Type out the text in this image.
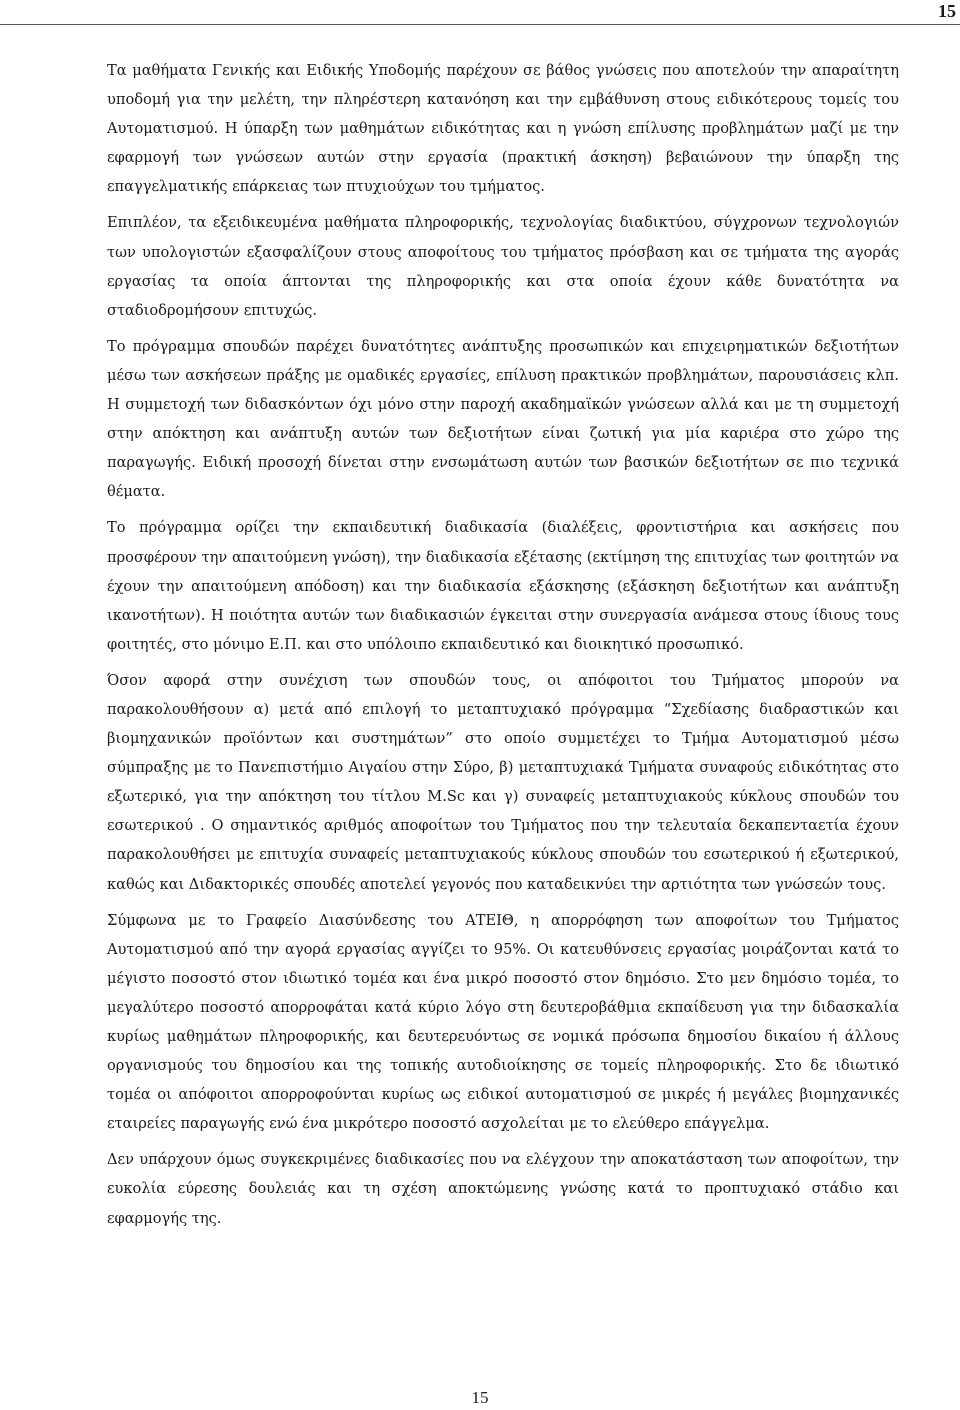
15

Τα μαθήματα Γενικής και Ειδικής Υποδομής παρέχουν σε βάθος γνώσεις που αποτελούν την απαραίτητη υποδομή για την μελέτη, την πληρέστερη κατανόηση και την εμβάθυνση στους ειδικότερους τομείς του Αυτοματισμού. Η ύπαρξη των μαθημάτων ειδικότητας και η γνώση επίλυσης προβλημάτων μαζί με την εφαρμογή των γνώσεων αυτών στην εργασία (πρακτική άσκηση) βεβαιώνουν την ύπαρξη της επαγγελματικής επάρκειας των πτυχιούχων του τμήματος.

Επιπλέον, τα εξειδικευμένα μαθήματα πληροφορικής, τεχνολογίας διαδικτύου, σύγχρονων τεχνολογιών των υπολογιστών εξασφαλίζουν στους αποφοίτους του τμήματος πρόσβαση και σε τμήματα της αγοράς εργασίας τα οποία άπτονται της πληροφορικής και στα οποία έχουν κάθε δυνατότητα να σταδιοδρομήσουν επιτυχώς.

Το πρόγραμμα σπουδών παρέχει δυνατότητες ανάπτυξης προσωπικών και επιχειρηματικών δεξιοτήτων μέσω των ασκήσεων πράξης με ομαδικές εργασίες, επίλυση πρακτικών προβλημάτων, παρουσιάσεις κλπ. Η συμμετοχή των διδασκόντων όχι μόνο στην παροχή ακαδημαϊκών γνώσεων αλλά και με τη συμμετοχή στην απόκτηση και ανάπτυξη αυτών των δεξιοτήτων είναι ζωτική για μία καριέρα στο χώρο της παραγωγής. Ειδική προσοχή δίνεται στην ενσωμάτωση αυτών των βασικών δεξιοτήτων σε πιο τεχνικά θέματα.

Το πρόγραμμα ορίζει την εκπαιδευτική διαδικασία (διαλέξεις, φροντιστήρια και ασκήσεις που προσφέρουν την απαιτούμενη γνώση), την διαδικασία εξέτασης (εκτίμηση της επιτυχίας των φοιτητών να έχουν την απαιτούμενη απόδοση) και την διαδικασία εξάσκησης (εξάσκηση δεξιοτήτων και ανάπτυξη ικανοτήτων). Η ποιότητα αυτών των διαδικασιών έγκειται στην συνεργασία ανάμεσα στους ίδιους τους φοιτητές, στο μόνιμο Ε.Π. και στο υπόλοιπο εκπαιδευτικό και διοικητικό προσωπικό.

Όσον αφορά στην συνέχιση των σπουδών τους, οι απόφοιτοι του Τμήματος μπορούν να παρακολουθήσουν α) μετά από επιλογή το μεταπτυχιακό πρόγραμμα “Σχεδίασης διαδραστικών και βιομηχανικών προϊόντων και συστημάτων” στο οποίο συμμετέχει το Τμήμα Αυτοματισμού μέσω σύμπραξης με το Πανεπιστήμιο Αιγαίου στην Σύρο, β) μεταπτυχιακά Τμήματα συναφούς ειδικότητας στο εξωτερικό, για την απόκτηση του τίτλου M.Sc και γ) συναφείς μεταπτυχιακούς κύκλους σπουδών του εσωτερικού . Ο σημαντικός αριθμός αποφοίτων του Τμήματος που την τελευταία δεκαπενταετία έχουν παρακολουθήσει με επιτυχία συναφείς μεταπτυχιακούς κύκλους σπουδών του εσωτερικού ή εξωτερικού, καθώς και Διδακτορικές σπουδές αποτελεί γεγονός που καταδεικνύει την αρτιότητα των γνώσεών τους.

Σύμφωνα με το Γραφείο Διασύνδεσης του ΑΤΕΙΘ, η απορρόφηση των αποφοίτων του Τμήματος Αυτοματισμού από την αγορά εργασίας αγγίζει το 95%. Οι κατευθύνσεις εργασίας μοιράζονται κατά το μέγιστο ποσοστό στον ιδιωτικό τομέα και ένα μικρό ποσοστό στον δημόσιο. Στο μεν δημόσιο τομέα, το μεγαλύτερο ποσοστό απορροφάται κατά κύριο λόγο στη δευτεροβάθμια εκπαίδευση για την διδασκαλία κυρίως μαθημάτων πληροφορικής, και δευτερευόντως σε νομικά πρόσωπα δημοσίου δικαίου ή άλλους οργανισμούς του δημοσίου και της τοπικής αυτοδιοίκησης σε τομείς πληροφορικής. Στο δε ιδιωτικό τομέα οι απόφοιτοι απορροφούνται κυρίως ως ειδικοί αυτοματισμού σε μικρές ή μεγάλες βιομηχανικές εταιρείες παραγωγής ενώ ένα μικρότερο ποσοστό ασχολείται με το ελεύθερο επάγγελμα.

Δεν υπάρχουν όμως συγκεκριμένες διαδικασίες που να ελέγχουν την αποκατάσταση των αποφοίτων, την ευκολία εύρεσης δουλειάς και τη σχέση αποκτώμενης γνώσης κατά το προπτυχιακό στάδιο και εφαρμογής της.

15
